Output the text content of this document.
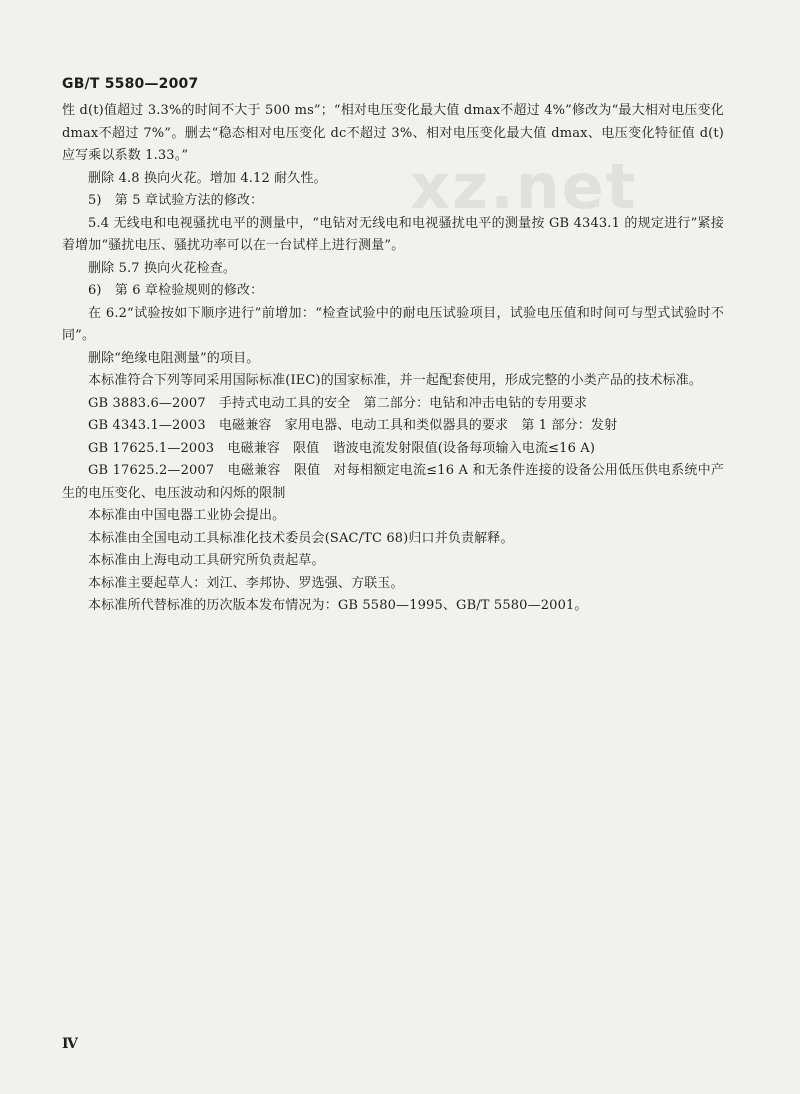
GB/T 5580—2007
xz.net

性 d(t)值超过 3.3%的时间不大于 500 ms”；“相对电压变化最大值 dmax不超过 4%”修改为“最大相对电压变化 dmax不超过 7%”。删去“稳态相对电压变化 dc不超过 3%、相对电压变化最大值 dmax、电压变化特征值 d(t)应写乘以系数 1.33。”

删除 4.8 换向火花。增加 4.12 耐久性。

5)　第 5 章试验方法的修改：

5.4 无线电和电视骚扰电平的测量中，“电钻对无线电和电视骚扰电平的测量按 GB 4343.1 的规定进行”紧接着增加“骚扰电压、骚扰功率可以在一台试样上进行测量”。

删除 5.7 换向火花检查。

6)　第 6 章检验规则的修改：

在 6.2“试验按如下顺序进行”前增加：“检查试验中的耐电压试验项目，试验电压值和时间可与型式试验时不同”。

删除“绝缘电阻测量”的项目。

本标准符合下列等同采用国际标准(IEC)的国家标准，并一起配套使用，形成完整的小类产品的技术标准。

GB 3883.6—2007　手持式电动工具的安全　第二部分：电钻和冲击电钻的专用要求

GB 4343.1—2003　电磁兼容　家用电器、电动工具和类似器具的要求　第 1 部分：发射

GB 17625.1—2003　电磁兼容　限值　谐波电流发射限值(设备每项输入电流≤16 A)

GB 17625.2—2007　电磁兼容　限值　对每相额定电流≤16 A 和无条件连接的设备公用低压供电系统中产生的电压变化、电压波动和闪烁的限制

本标准由中国电器工业协会提出。

本标准由全国电动工具标准化技术委员会(SAC/TC 68)归口并负责解释。

本标准由上海电动工具研究所负责起草。

本标准主要起草人：刘江、李邦协、罗选强、方联玉。

本标准所代替标准的历次版本发布情况为：GB 5580—1995、GB/T 5580—2001。

Ⅳ
